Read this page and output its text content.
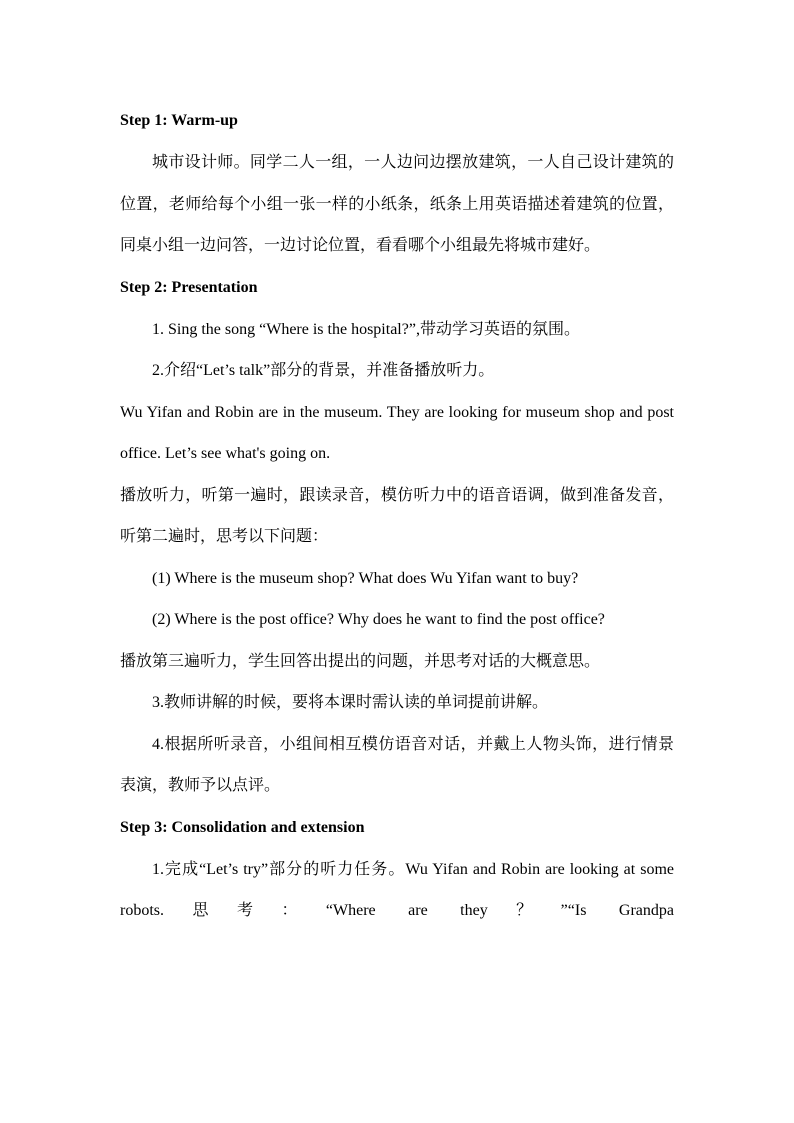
Step 1: Warm-up

城市设计师。同学二人一组，一人边问边摆放建筑，一人自己设计建筑的位置，老师给每个小组一张一样的小纸条，纸条上用英语描述着建筑的位置，同桌小组一边问答，一边讨论位置，看看哪个小组最先将城市建好。

Step 2: Presentation

1. Sing the song “Where is the hospital?”,带动学习英语的氛围。

2.介绍“Let’s talk”部分的背景，并准备播放听力。

Wu Yifan and Robin are in the museum. They are looking for museum shop and post office. Let’s see what's going on.

播放听力，听第一遍时，跟读录音，模仿听力中的语音语调，做到准备发音，听第二遍时，思考以下问题：

(1) Where is the museum shop? What does Wu Yifan want to buy?

(2) Where is the post office? Why does he want to find the post office?

播放第三遍听力，学生回答出提出的问题，并思考对话的大概意思。

3.教师讲解的时候，要将本课时需认读的单词提前讲解。

4.根据所听录音，小组间相互模仿语音对话，并戴上人物头饰，进行情景表演，教师予以点评。

Step 3: Consolidation and extension

1.完成“Let’s try”部分的听力任务。Wu Yifan and Robin are looking at some robots.思考：“Where are they？”“Is Grandpa
